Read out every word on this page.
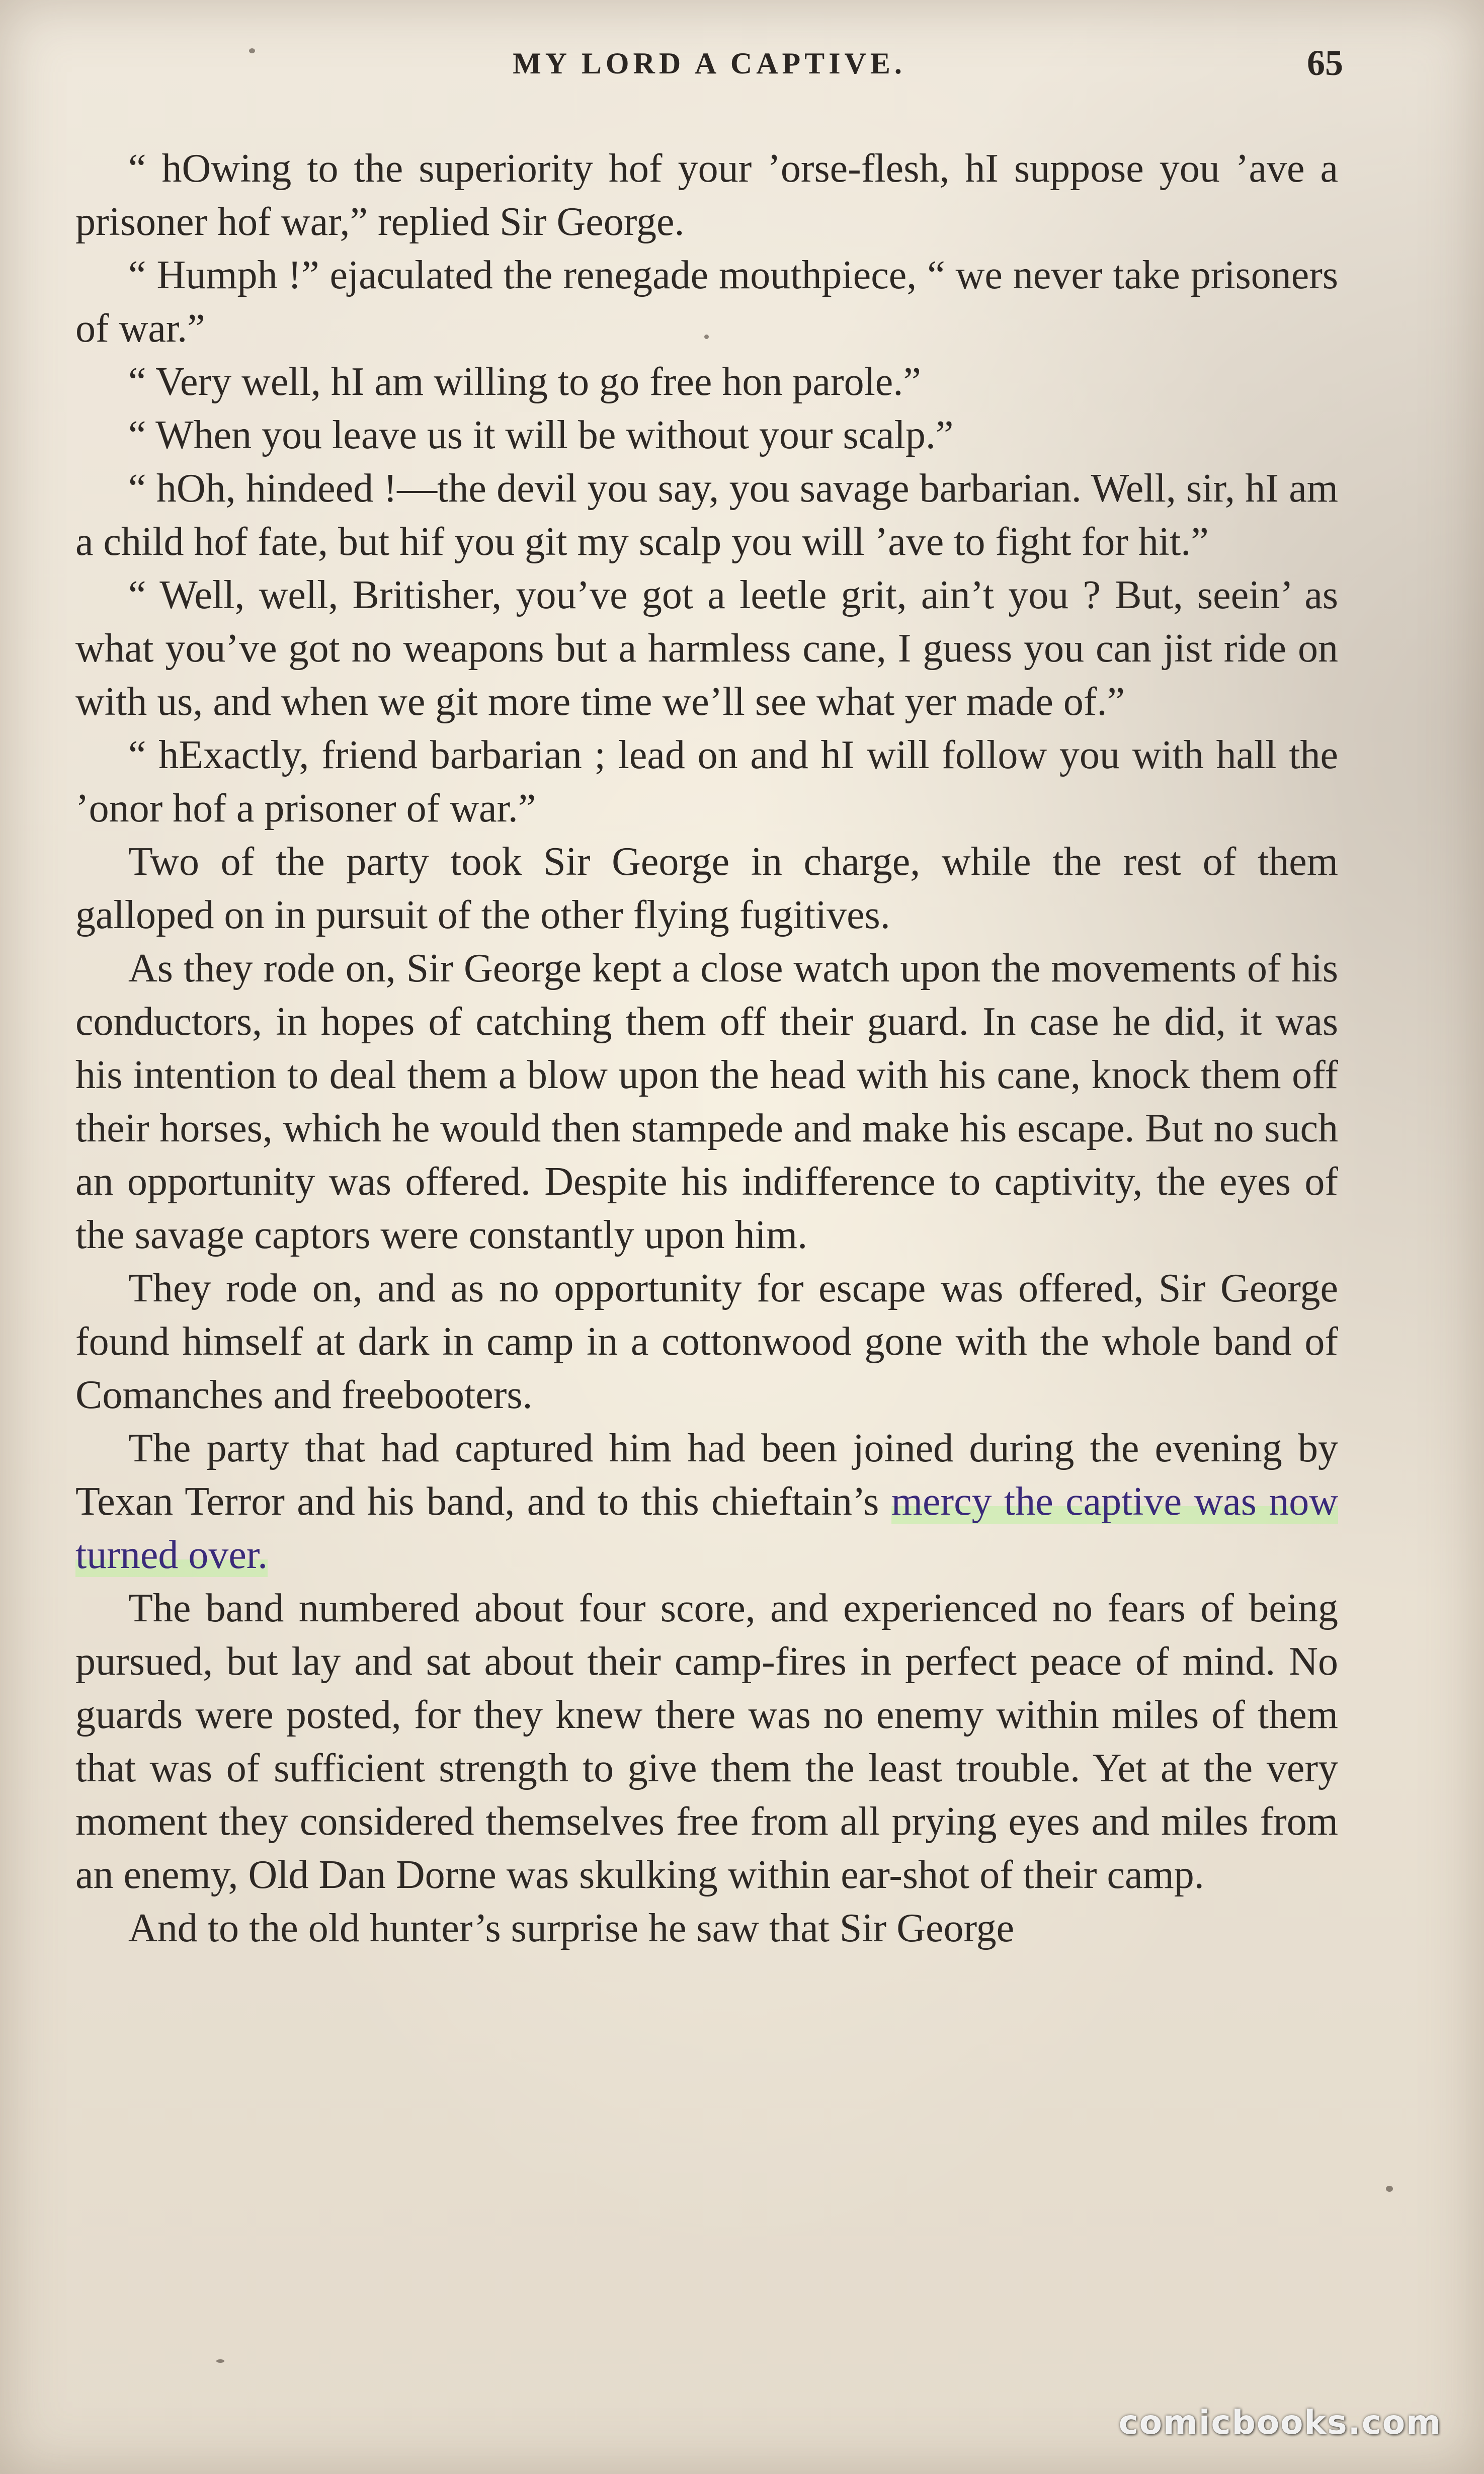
MY LORD A CAPTIVE.	65

“ hOwing to the superiority hof your ’orse-flesh, hI suppose you ’ave a prisoner hof war,” replied Sir George.

“ Humph !” ejaculated the renegade mouthpiece, “ we never take prisoners of war.”

“ Very well, hI am willing to go free hon parole.”

“ When you leave us it will be without your scalp.”

“ hOh, hindeed !—the devil you say, you savage barbarian. Well, sir, hI am a child hof fate, but hif you git my scalp you will ’ave to fight for hit.”

“ Well, well, Britisher, you’ve got a leetle grit, ain’t you ? But, seein’ as what you’ve got no weapons but a harmless cane, I guess you can jist ride on with us, and when we git more time we’ll see what yer made of.”

“ hExactly, friend barbarian ; lead on and hI will follow you with hall the ’onor hof a prisoner of war.”

Two of the party took Sir George in charge, while the rest of them galloped on in pursuit of the other flying fugitives.

As they rode on, Sir George kept a close watch upon the movements of his conductors, in hopes of catching them off their guard. In case he did, it was his intention to deal them a blow upon the head with his cane, knock them off their horses, which he would then stampede and make his escape. But no such an opportunity was offered. Despite his indifference to captivity, the eyes of the savage captors were constantly upon him.

They rode on, and as no opportunity for escape was offered, Sir George found himself at dark in camp in a cottonwood gone with the whole band of Comanches and freebooters.

The party that had captured him had been joined during the evening by Texan Terror and his band, and to this chieftain’s mercy the captive was now turned over.

The band numbered about four score, and experienced no fears of being pursued, but lay and sat about their camp-fires in perfect peace of mind. No guards were posted, for they knew there was no enemy within miles of them that was of sufficient strength to give them the least trouble. Yet at the very moment they considered themselves free from all prying eyes and miles from an enemy, Old Dan Dorne was skulking within ear-shot of their camp.

And to the old hunter’s surprise he saw that Sir George

comicbooks.com
